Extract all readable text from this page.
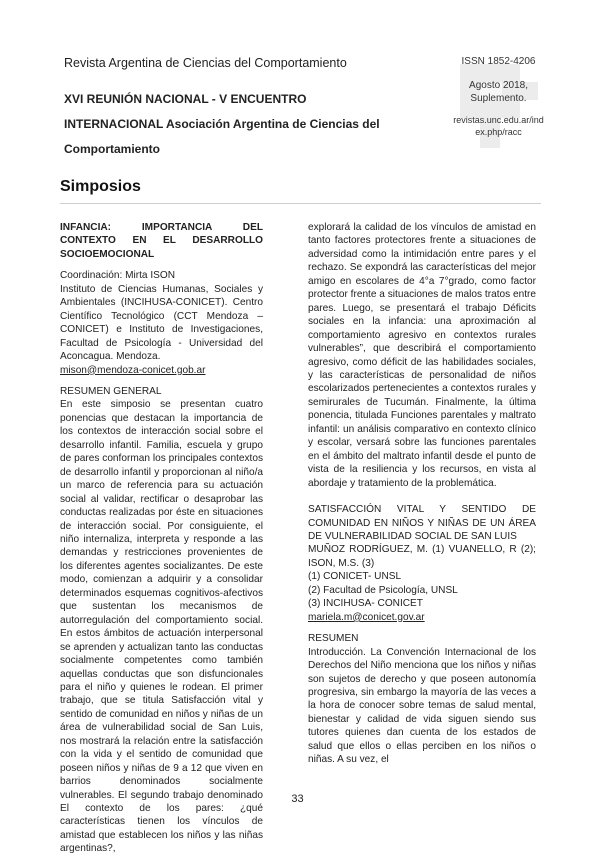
Revista Argentina de Ciencias del Comportamiento

XVI REUNIÓN NACIONAL - V ENCUENTRO

INTERNACIONAL Asociación Argentina de Ciencias del

Comportamiento

ISSN 1852-4206
Agosto 2018,
Suplemento.
revistas.unc.edu.ar/ind
ex.php/racc
Simposios

INFANCIA: IMPORTANCIA DEL CONTEXTO EN EL DESARROLLO SOCIOEMOCIONAL

Coordinación: Mirta ISON

Instituto de Ciencias Humanas, Sociales y Ambientales (INCIHUSA-CONICET). Centro Científico Tecnológico (CCT Mendoza – CONICET) e Instituto de Investigaciones, Facultad de Psicología - Universidad del Aconcagua. Mendoza.

mison@mendoza-conicet.gob.ar

RESUMEN GENERAL

En este simposio se presentan cuatro ponencias que destacan la importancia de los contextos de interacción social sobre el desarrollo infantil. Familia, escuela y grupo de pares conforman los principales contextos de desarrollo infantil y proporcionan al niño/a un marco de referencia para su actuación social al validar, rectificar o desaprobar las conductas realizadas por éste en situaciones de interacción social. Por consiguiente, el niño internaliza, interpreta y responde a las demandas y restricciones provenientes de los diferentes agentes socializantes. De este modo, comienzan a adquirir y a consolidar determinados esquemas cognitivos-afectivos que sustentan los mecanismos de autorregulación del comportamiento social. En estos ámbitos de actuación interpersonal se aprenden y actualizan tanto las conductas socialmente competentes como también aquellas conductas que son disfuncionales para el niño y quienes le rodean. El primer trabajo, que se titula Satisfacción vital y sentido de comunidad en niños y niñas de un área de vulnerabilidad social de San Luis, nos mostrará la relación entre la satisfacción con la vida y el sentido de comunidad que poseen niños y niñas de 9 a 12 que viven en barrios denominados socialmente vulnerables. El segundo trabajo denominado El contexto de los pares: ¿qué características tienen los vínculos de amistad que establecen los niños y las niñas argentinas?,

explorará la calidad de los vínculos de amistad en tanto factores protectores frente a situaciones de adversidad como la intimidación entre pares y el rechazo. Se expondrá las características del mejor amigo en escolares de 4°a 7°grado, como factor protector frente a situaciones de malos tratos entre pares. Luego, se presentará el trabajo Déficits sociales en la infancia: una aproximación al comportamiento agresivo en contextos rurales vulnerables”, que describirá el comportamiento agresivo, como déficit de las habilidades sociales, y las características de personalidad de niños escolarizados pertenecientes a contextos rurales y semirurales de Tucumán. Finalmente, la última ponencia, titulada Funciones parentales y maltrato infantil: un análisis comparativo en contexto clínico y escolar, versará sobre las funciones parentales en el ámbito del maltrato infantil desde el punto de vista de la resiliencia y los recursos, en vista al abordaje y tratamiento de la problemática.

SATISFACCIÓN VITAL Y SENTIDO DE COMUNIDAD EN NIÑOS Y NIÑAS DE UN ÁREA DE VULNERABILIDAD SOCIAL DE SAN LUIS

MUÑOZ RODRÍGUEZ, M. (1) VUANELLO, R (2); ISON, M.S. (3)

(1) CONICET- UNSL

(2) Facultad de Psicología, UNSL

(3) INCIHUSA- CONICET

mariela.m@conicet.gov.ar

RESUMEN

Introducción. La Convención Internacional de los Derechos del Niño menciona que los niños y niñas son sujetos de derecho y que poseen autonomía progresiva, sin embargo la mayoría de las veces a la hora de conocer sobre temas de salud mental, bienestar y calidad de vida siguen siendo sus tutores quienes dan cuenta de los estados de salud que ellos o ellas perciben en los niños o niñas. A su vez, el

33
